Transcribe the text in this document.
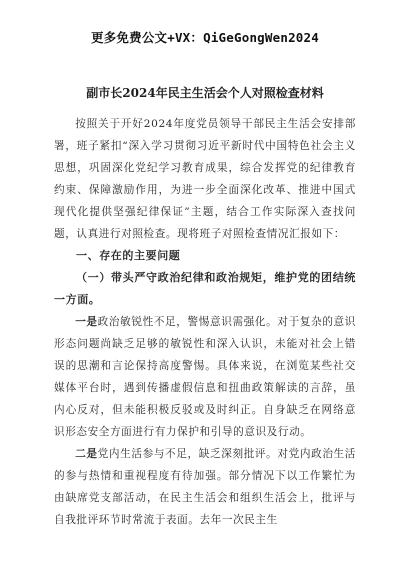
更多免费公文+VX：QiGeGongWen2024
副市长2024年民主生活会个人对照检查材料

按照关于开好2024年度党员领导干部民主生活会安排部署，班子紧扣“深入学习贯彻习近平新时代中国特色社会主义思想，巩固深化党纪学习教育成果，综合发挥党的纪律教育约束、保障激励作用，为进一步全面深化改革、推进中国式现代化提供坚强纪律保证”主题，结合工作实际深入查找问题，认真进行对照检查。现将班子对照检查情况汇报如下：

一、存在的主要问题

（一）带头严守政治纪律和政治规矩，维护党的团结统一方面。

一是政治敏锐性不足，警惕意识需强化。对于复杂的意识形态问题尚缺乏足够的敏锐性和深入认识，未能对社会上错误的思潮和言论保持高度警惕。具体来说，在浏览某些社交媒体平台时，遇到传播虚假信息和扭曲政策解读的言辞，虽内心反对，但未能积极反驳或及时纠正。自身缺乏在网络意识形态安全方面进行有力保护和引导的意识及行动。

二是党内生活参与不足，缺乏深刻批评。对党内政治生活的参与热情和重视程度有待加强。部分情况下以工作繁忙为由缺席党支部活动，在民主生活会和组织生活会上，批评与自我批评环节时常流于表面。去年一次民主生
